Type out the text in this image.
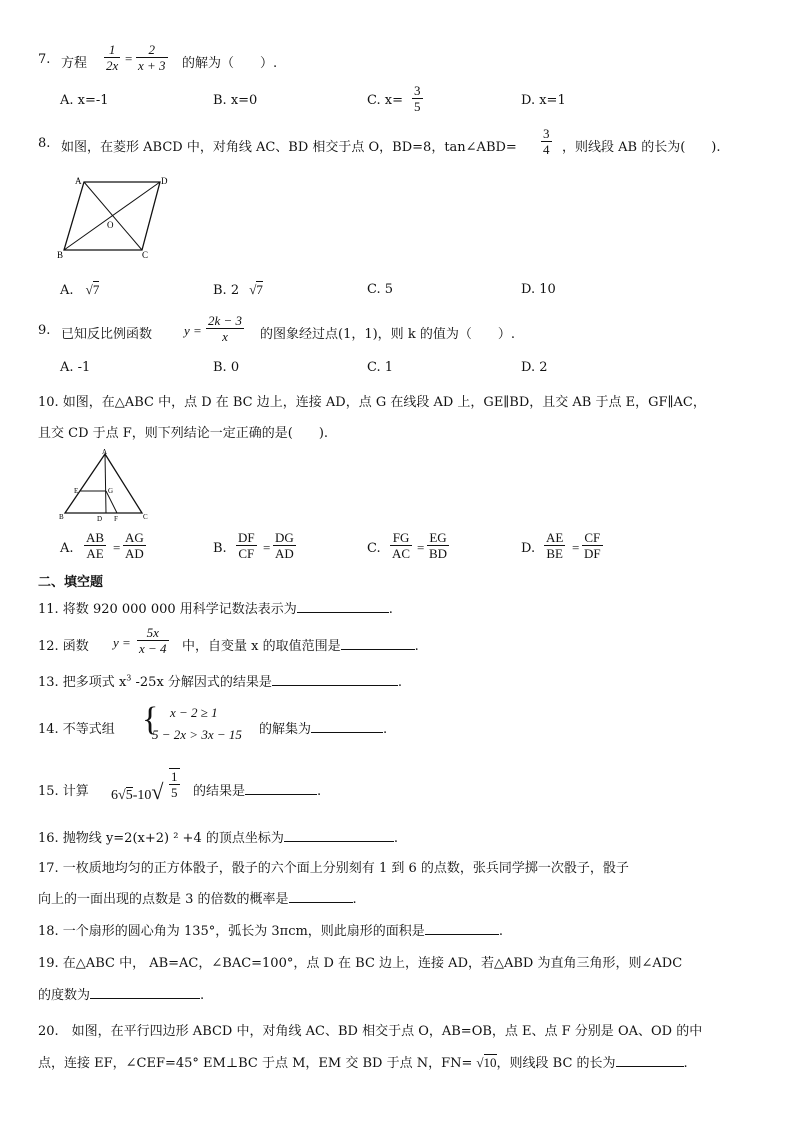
7. 方程 $\frac{1}{2x} = \frac{2}{x + 3}$ 的解为（　　）.
A. x=-1	B. x=0	C. $x= \frac{3}{5}$	D. x=1
8. 如图，在菱形 ABCD 中，对角线 AC、BD 相交于点 O，BD=8，tan∠ABD= $\frac{3}{4}$ ，则线段 AB 的长为(　　).
A	D
B	C
O
A. √7	B. 2 √7	C. 5	D. 10
9. 已知反比例函数 $y = \frac{2k - 3}{x}$ 的图象经过点(1，1)，则 k 的值为（　　）.
A. -1	B. 0	C. 1	D. 2
10. 如图，在△ABC 中，点 D 在 BC 边上，连接 AD，点 G 在线段 AD 上，GE∥BD，且交 AB 于点 E，GF∥AC，
且交 CD 于点 F，则下列结论一定正确的是(　　).
A
B	C
D
E
F
G
A. $\frac{AB}{AE} = \frac{AG}{AD}$	B. $\frac{DF}{CF} = \frac{DG}{AD}$	C. $\frac{FG}{AC} = \frac{EG}{BD}$	D. $\frac{AE}{BE} = \frac{CF}{DF}$
二、填空题
11. 将数 920 000 000 用科学记数法表示为	.
12. 函数 $y = \frac{5x}{x - 4}$ 中，自变量 x 的取值范围是	.
13. 把多项式 $x^3$ -25x 分解因式的结果是	.
14. 不等式组 { x − 2 ≥ 1
5 − 2x > 3x − 15 的解集为	.
15. 计算 $6√5-10√ \frac{1}{5}$ 的结果是	.
16. 抛物线 y=2(x+2) ² +4 的顶点坐标为	.
17. 一枚质地均匀的正方体骰子，骰子的六个面上分别刻有 1 到 6 的点数，张兵同学掷一次骰子，骰子
向上的一面出现的点数是 3 的倍数的概率是	.
18. 一个扇形的圆心角为 135°，弧长为 3πcm，则此扇形的面积是	.
19. 在△ABC 中， AB=AC，∠BAC=100°，点 D 在 BC 边上，连接 AD，若△ABD 为直角三角形，则∠ADC
的度数为	.
20.　如图，在平行四边形 ABCD 中，对角线 AC、BD 相交于点 O，AB=OB，点 E、点 F 分别是 OA、OD 的中
点，连接 EF，∠CEF=45° EM⊥BC 于点 M，EM 交 BD 于点 N，FN= √10，则线段 BC 的长为	.
